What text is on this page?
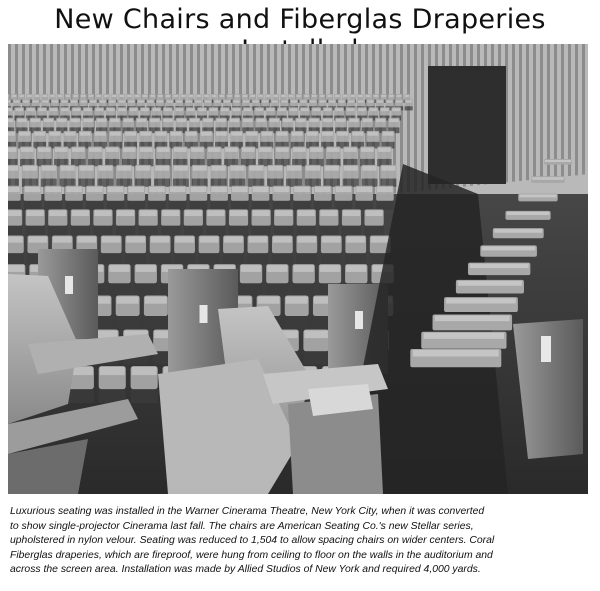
New Chairs and Fiberglas Draperies
Luxurious seating was installed in the Warner Cinerama Theatre, New York City, when it was converted
to show single-projector Cinerama last fall. The chairs are American Seating Co.'s new Stellar series,
upholstered in nylon velour. Seating was reduced to 1,504 to allow spacing chairs on wider centers. Coral
Fiberglas draperies, which are fireproof, were hung from ceiling to floor on the walls in the auditorium and
across the screen area. Installation was made by Allied Studios of New York and required 4,000 yards.
